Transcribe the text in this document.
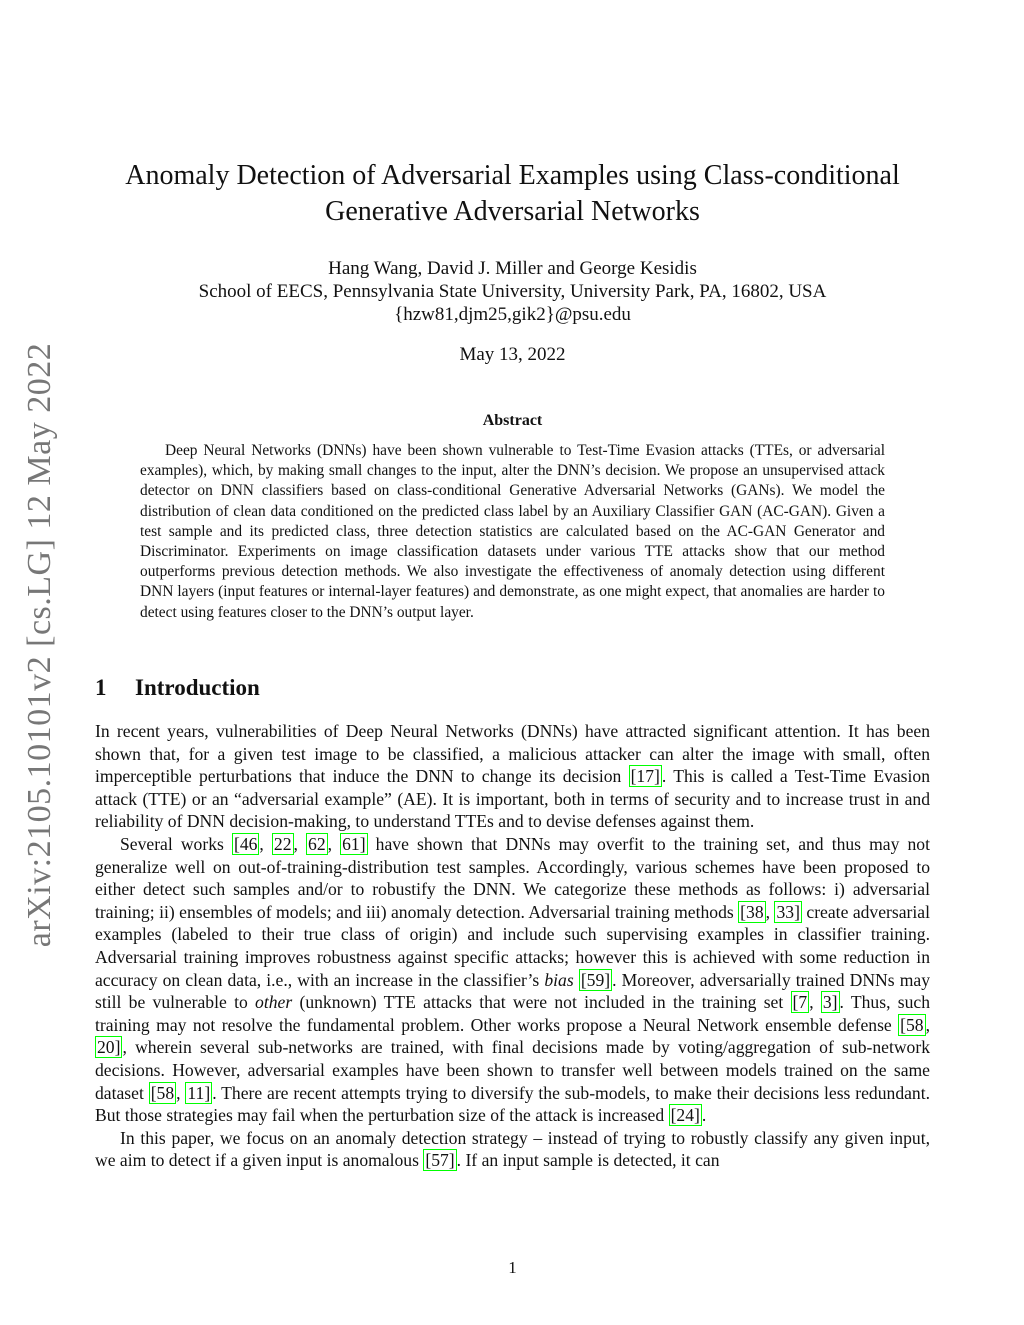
arXiv:2105.10101v2 [cs.LG] 12 May 2022
Anomaly Detection of Adversarial Examples using Class-conditional Generative Adversarial Networks
Hang Wang, David J. Miller and George Kesidis
School of EECS, Pennsylvania State University, University Park, PA, 16802, USA
{hzw81,djm25,gik2}@psu.edu
May 13, 2022
Abstract

Deep Neural Networks (DNNs) have been shown vulnerable to Test-Time Evasion attacks (TTEs, or adversarial examples), which, by making small changes to the input, alter the DNN’s decision. We propose an unsupervised attack detector on DNN classifiers based on class-conditional Generative Adversarial Networks (GANs). We model the distribution of clean data conditioned on the predicted class label by an Auxiliary Classifier GAN (AC-GAN). Given a test sample and its predicted class, three detection statistics are calculated based on the AC-GAN Generator and Discriminator. Experiments on image classification datasets under various TTE attacks show that our method outperforms previous detection methods. We also investigate the effectiveness of anomaly detection using different DNN layers (input features or internal-layer features) and demonstrate, as one might expect, that anomalies are harder to detect using features closer to the DNN’s output layer.

1 Introduction

In recent years, vulnerabilities of Deep Neural Networks (DNNs) have attracted significant attention. It has been shown that, for a given test image to be classified, a malicious attacker can alter the image with small, often imperceptible perturbations that induce the DNN to change its decision [17] . This is called a Test-Time Evasion attack (TTE) or an “adversarial example” (AE). It is important, both in terms of security and to increase trust in and reliability of DNN decision-making, to understand TTEs and to devise defenses against them.

Several works [46 , 22 , 62 , 61] have shown that DNNs may overfit to the training set, and thus may not generalize well on out-of-training-distribution test samples. Accordingly, various schemes have been proposed to either detect such samples and/or to robustify the DNN. We categorize these methods as follows: i) adversarial training; ii) ensembles of models; and iii) anomaly detection. Adversarial training methods [38 , 33] create adversarial examples (labeled to their true class of origin) and include such supervising examples in classifier training. Adversarial training improves robustness against specific attacks; however this is achieved with some reduction in accuracy on clean data, i.e., with an increase in the classifier’s bias [59] . Moreover, adversarially trained DNNs may still be vulnerable to other (unknown) TTE attacks that were not included in the training set [7 , 3] . Thus, such training may not resolve the fundamental problem. Other works propose a Neural Network ensemble defense [58 , 20] , wherein several sub-networks are trained, with final decisions made by voting/aggregation of sub-network decisions. However, adversarial examples have been shown to transfer well between models trained on the same dataset [58 , 11] . There are recent attempts trying to diversify the sub-models, to make their decisions less redundant. But those strategies may fail when the perturbation size of the attack is increased [24] .

In this paper, we focus on an anomaly detection strategy – instead of trying to robustly classify any given input, we aim to detect if a given input is anomalous [57] . If an input sample is detected, it can

1
